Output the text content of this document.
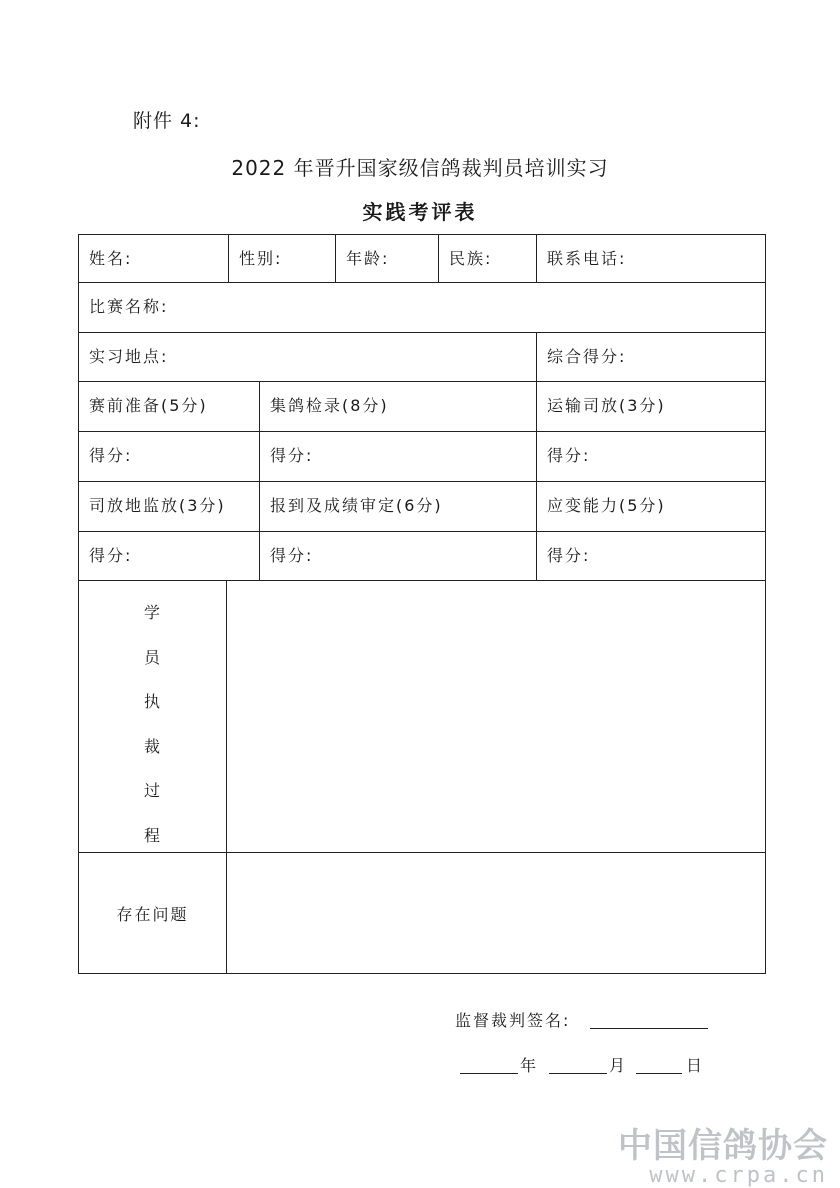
附件 4:
2022 年晋升国家级信鸽裁判员培训实习
实践考评表
姓名:	性别:	年龄:	民族:	联系电话:
比赛名称:
实习地点:	综合得分:
赛前准备(5分)	集鸽检录(8分)	运输司放(3分)
得分:	得分:	得分:
司放地监放(3分)	报到及成绩审定(6分)	应变能力(5分)
得分:	得分:	得分:
学
员
执
裁
过
程
存在问题
监督裁判签名:
年	月	日
中国信鸽协会
www.crpa.cn
